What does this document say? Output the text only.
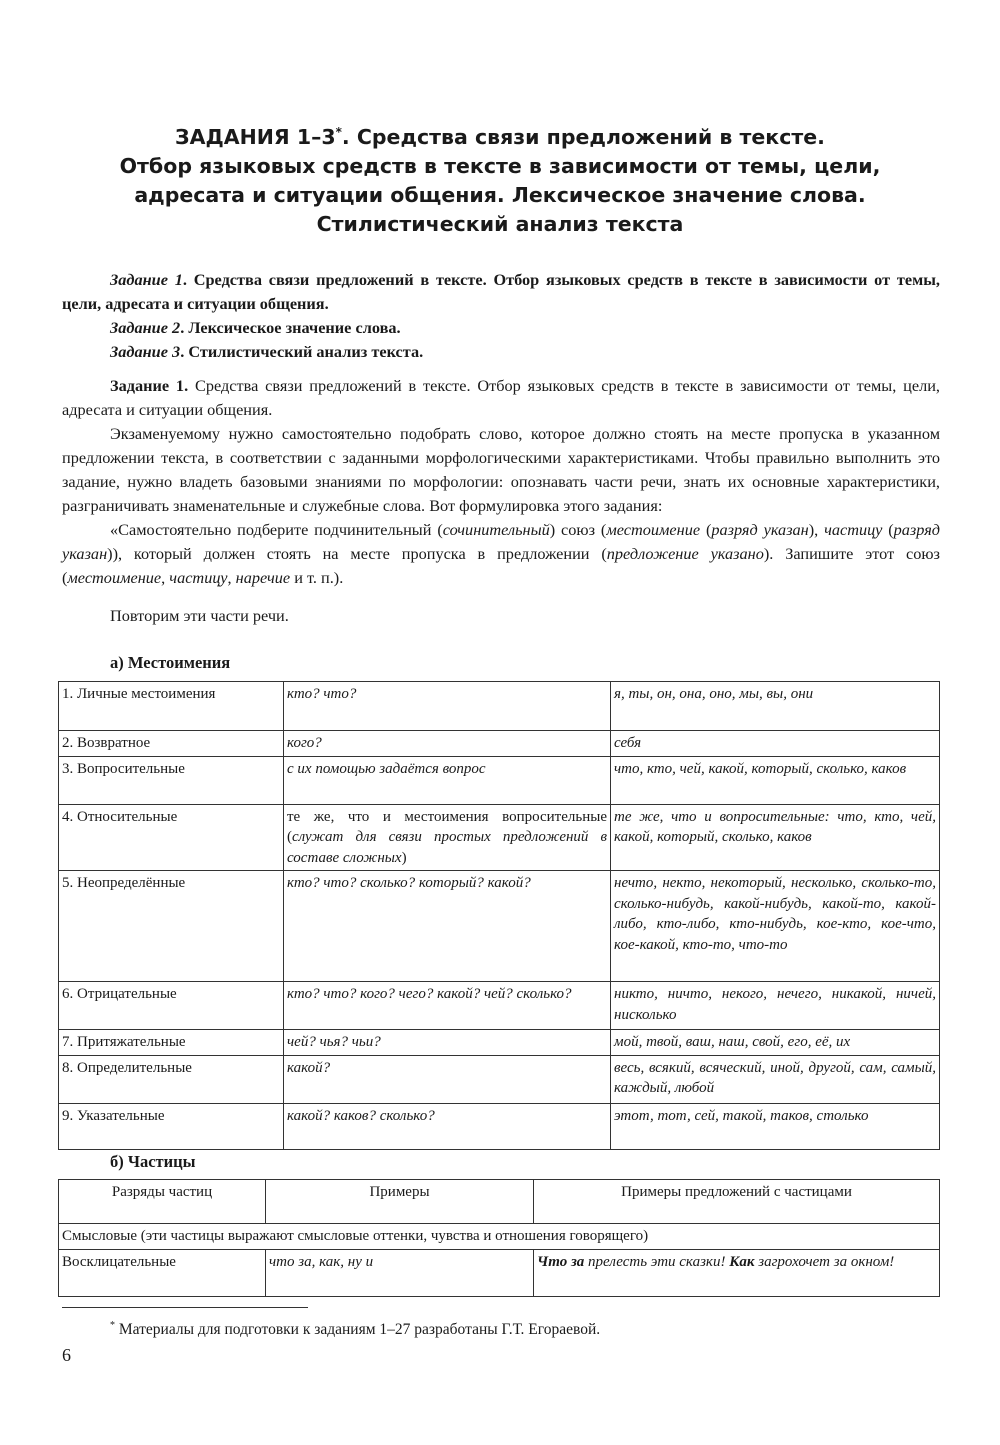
ЗАДАНИЯ 1–3*. Средства связи предложений в тексте.
Отбор языковых средств в тексте в зависимости от темы, цели,
адресата и ситуации общения. Лексическое значение слова.
Стилистический анализ текста

Задание 1. Средства связи предложений в тексте. Отбор языковых средств в тексте в зависимости от темы, цели, адресата и ситуации общения.

Задание 2. Лексическое значение слова.

Задание 3. Стилистический анализ текста.

Задание 1. Средства связи предложений в тексте. Отбор языковых средств в тексте в зависимости от темы, цели, адресата и ситуации общения.

Экзаменуемому нужно самостоятельно подобрать слово, которое должно стоять на месте пропуска в указанном предложении текста, в соответствии с заданными морфологическими характеристиками. Чтобы правильно выполнить это задание, нужно владеть базовыми знаниями по морфологии: опознавать части речи, знать их основные характеристики, разграничивать знаменательные и служебные слова. Вот формулировка этого задания:

«Самостоятельно подберите подчинительный (сочинительный) союз (местоимение (разряд указан), частицу (разряд указан)), который должен стоять на месте пропуска в предложении (предложение указано). Запишите этот союз (местоимение, частицу, наречие и т. п.).

Повторим эти части речи.

а) Местоимения
1. Личные местоимения	кто? что?	я, ты, он, она, оно, мы, вы, они
2. Возвратное	кого?	себя
3. Вопросительные	с их помощью задаётся вопрос	что, кто, чей, какой, который, сколько, каков
4. Относительные	те же, что и местоимения вопросительные (служат для связи простых предложений в составе сложных)	те же, что и вопросительные: что, кто, чей, какой, который, сколько, каков
5. Неопределённые	кто? что? сколько? который? какой?	нечто, некто, некоторый, несколько, сколько-то, сколько-нибудь, какой-нибудь, какой-то, какой-либо, кто-либо, кто-нибудь, кое-кто, кое-что, кое-какой, кто-то, что-то
6. Отрицательные	кто? что? кого? чего? какой? чей? сколько?	никто, ничто, некого, нечего, никакой, ничей, нисколько
7. Притяжательные	чей? чья? чьи?	мой, твой, ваш, наш, свой, его, её, их
8. Определительные	какой?	весь, всякий, всяческий, иной, другой, сам, самый, каждый, любой
9. Указательные	какой? каков? сколько?	этот, тот, сей, такой, таков, столько
б) Частицы
Разряды частиц	Примеры	Примеры предложений с частицами
Смысловые (эти частицы выражают смысловые оттенки, чувства и отношения говорящего)		
Восклицательные	что за, как, ну и	Что за прелесть эти сказки! Как загрохочет за окном!
* Материалы для подготовки к заданиям 1–27 разработаны Г.Т. Егораевой.
6
